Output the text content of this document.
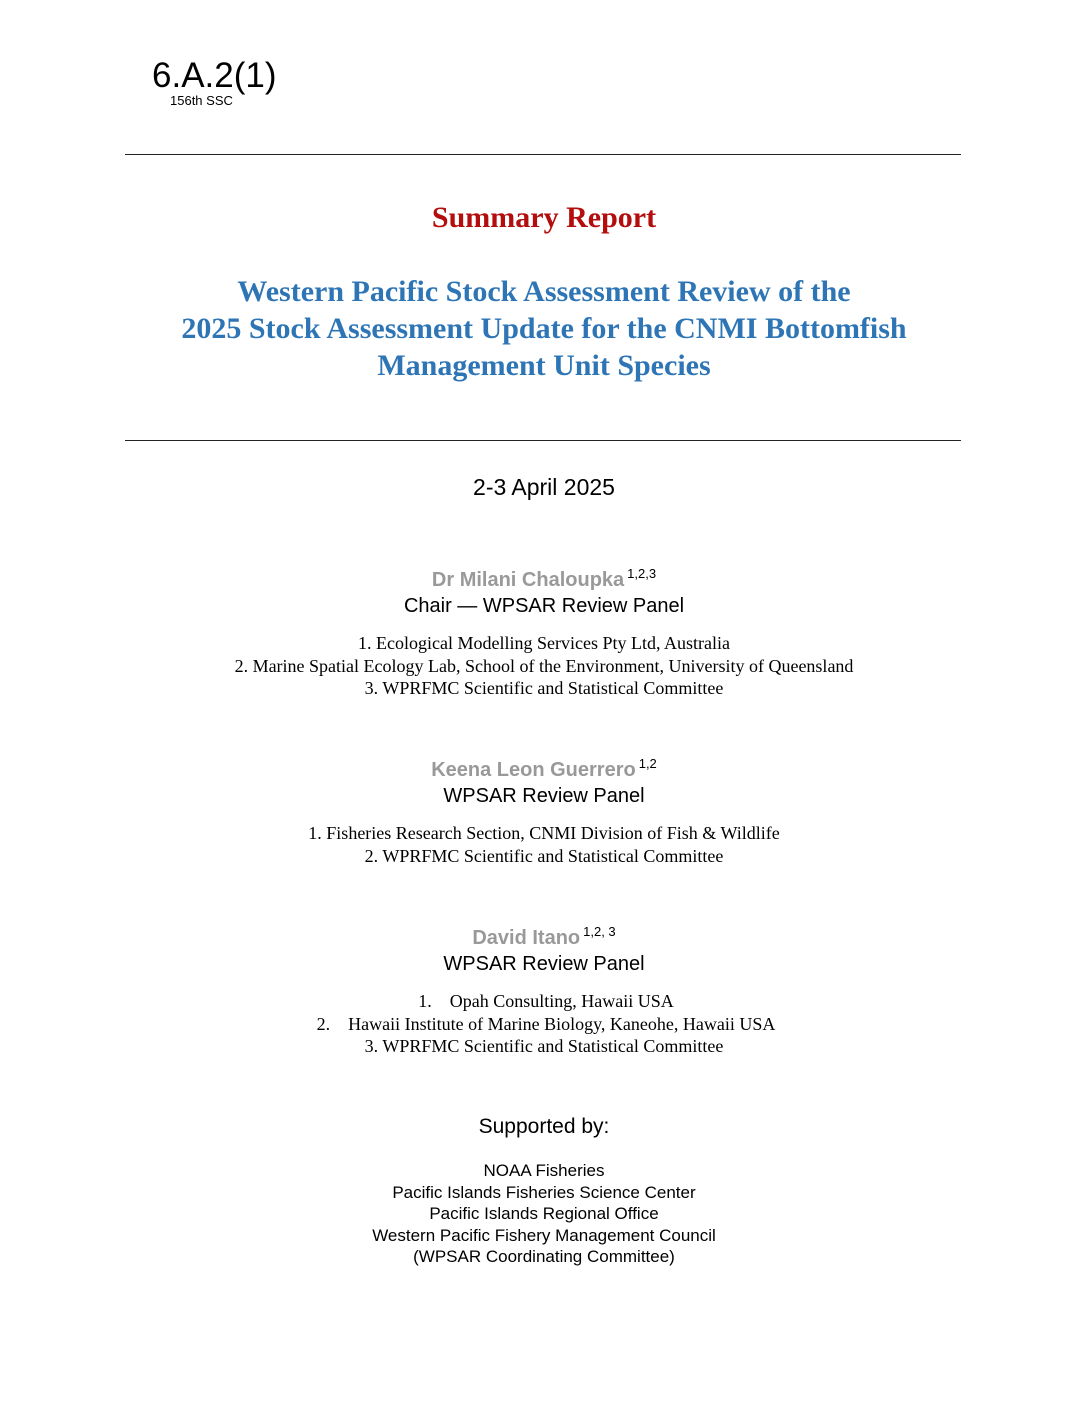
6.A.2(1)
156th SSC
Summary Report
Western Pacific Stock Assessment Review of the
2025 Stock Assessment Update for the CNMI Bottomfish
Management Unit Species
2-3 April 2025
Dr Milani Chaloupka $^{1,2,3}$
Chair — WPSAR Review Panel
1. Ecological Modelling Services Pty Ltd, Australia
2. Marine Spatial Ecology Lab, School of the Environment, University of Queensland
3. WPRFMC Scientific and Statistical Committee
Keena Leon Guerrero $^{1,2}$
WPSAR Review Panel
1. Fisheries Research Section, CNMI Division of Fish & Wildlife
2. WPRFMC Scientific and Statistical Committee
David Itano $^{1,2, 3}$
WPSAR Review Panel
1.    Opah Consulting, Hawaii USA
2.    Hawaii Institute of Marine Biology, Kaneohe, Hawaii USA
3. WPRFMC Scientific and Statistical Committee
Supported by:
NOAA Fisheries
Pacific Islands Fisheries Science Center
Pacific Islands Regional Office
Western Pacific Fishery Management Council
(WPSAR Coordinating Committee)
